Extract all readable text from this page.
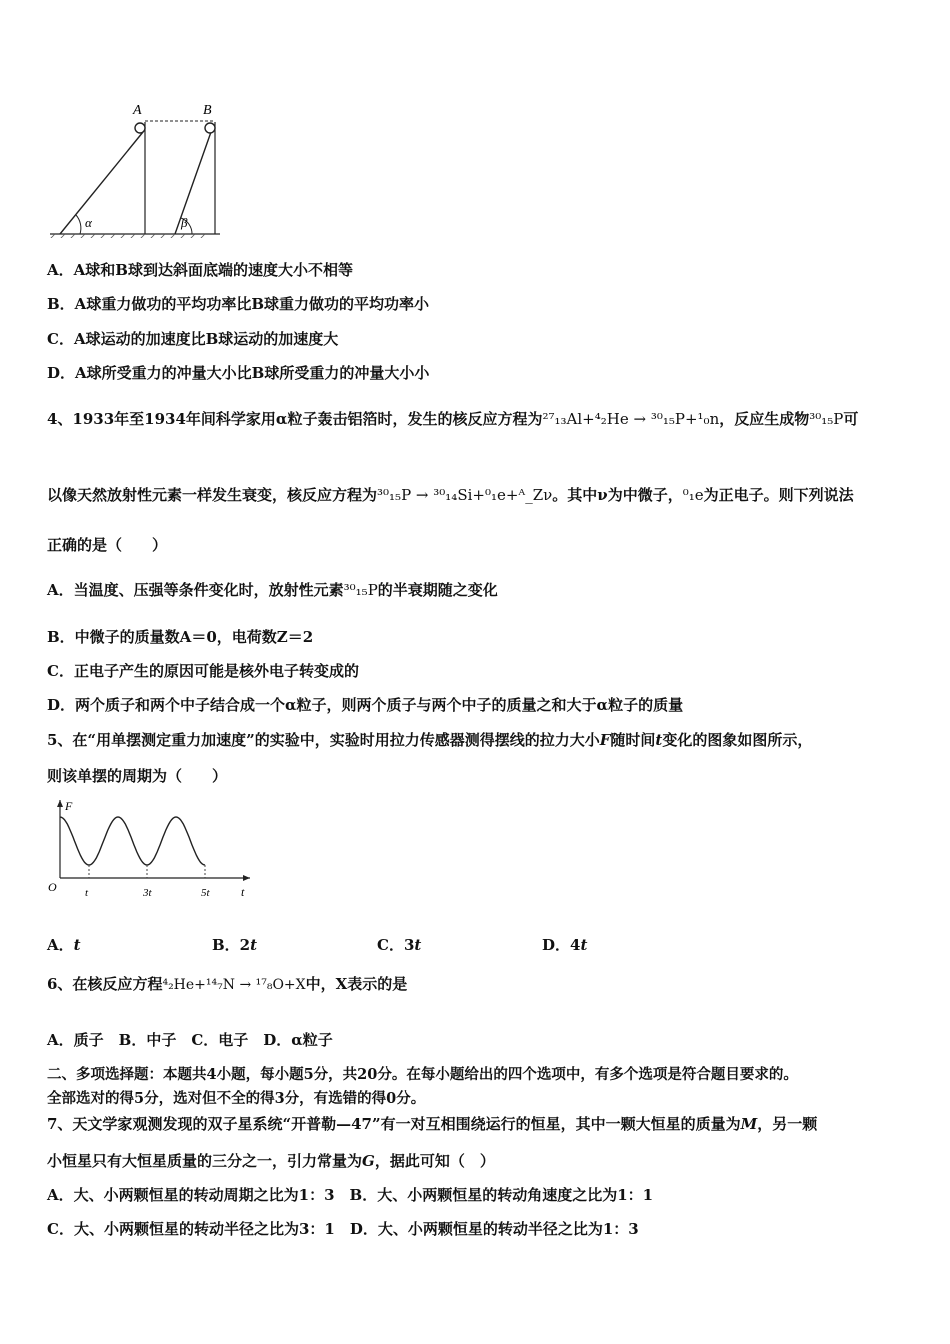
A	B
α	β
A．A球和B球到达斜面底端的速度大小不相等
B．A球重力做功的平均功率比B球重力做功的平均功率小
C．A球运动的加速度比B球运动的加速度大
D．A球所受重力的冲量大小比B球所受重力的冲量大小小
4、1933年至1934年间科学家用α粒子轰击铝箔时，发生的核反应方程为²⁷₁₃Al+⁴₂He → ³⁰₁₅P+¹₀n，反应生成物³⁰₁₅P可
以像天然放射性元素一样发生衰变，核反应方程为³⁰₁₅P → ³⁰₁₄Si+⁰₁e+ᴬ_Zν。其中ν为中微子，⁰₁e为正电子。则下列说法
正确的是（　　）
A．当温度、压强等条件变化时，放射性元素³⁰₁₅P的半衰期随之变化
B．中微子的质量数A＝0，电荷数Z＝2
C．正电子产生的原因可能是核外电子转变成的
D．两个质子和两个中子结合成一个α粒子，则两个质子与两个中子的质量之和大于α粒子的质量
5、在“用单摆测定重力加速度”的实验中，实验时用拉力传感器测得摆线的拉力大小F随时间t变化的图象如图所示，
则该单摆的周期为（　　）
F
t
O	t	3t	5t
A．t	B．2t	C．3t	D．4t
6、在核反应方程⁴₂He+¹⁴₇N → ¹⁷₈O+X中，X表示的是
A．质子　B．中子　C．电子　D．α粒子
二、多项选择题：本题共4小题，每小题5分，共20分。在每小题给出的四个选项中，有多个选项是符合题目要求的。
全部选对的得5分，选对但不全的得3分，有选错的得0分。
7、天文学家观测发现的双子星系统“开普勒—47”有一对互相围绕运行的恒星，其中一颗大恒星的质量为M，另一颗
小恒星只有大恒星质量的三分之一，引力常量为G，据此可知（　）
A．大、小两颗恒星的转动周期之比为1：3　B．大、小两颗恒星的转动角速度之比为1：1
C．大、小两颗恒星的转动半径之比为3：1　D．大、小两颗恒星的转动半径之比为1：3
